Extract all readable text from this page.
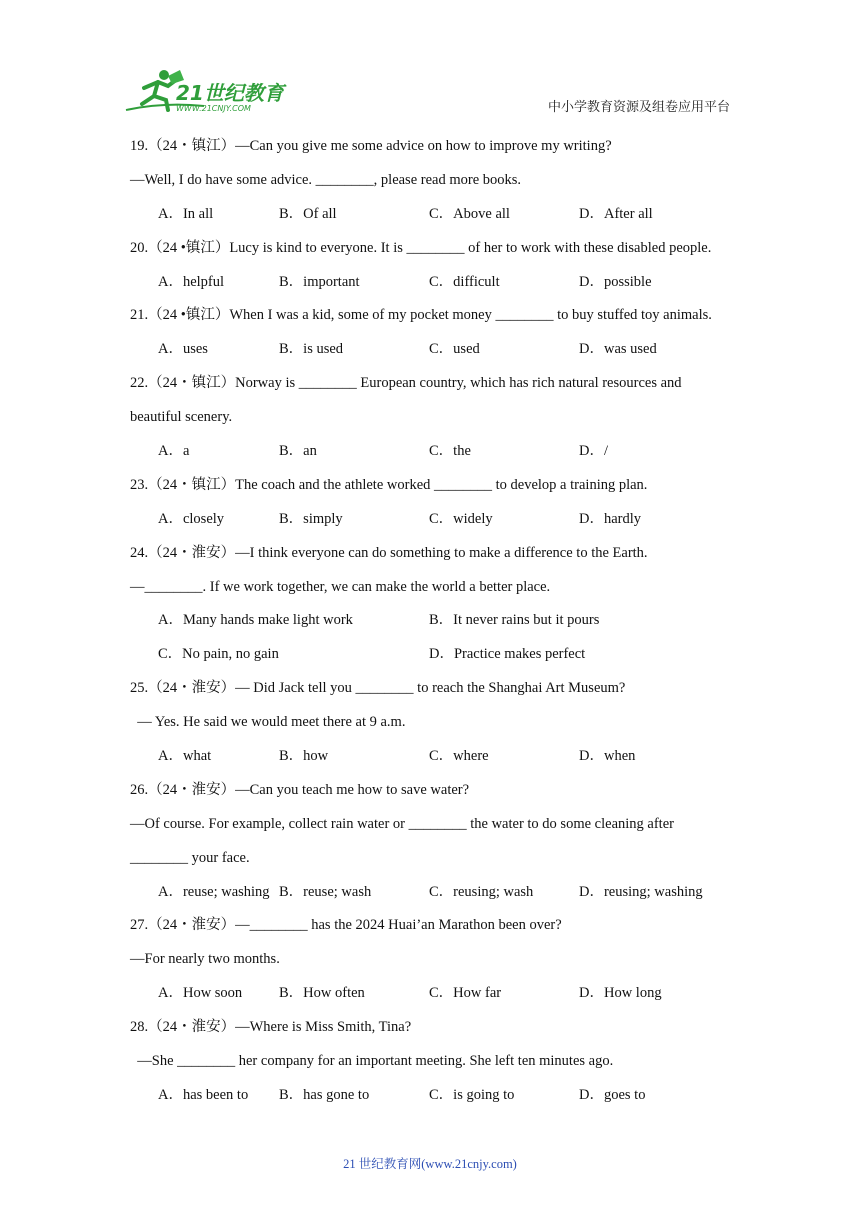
21世纪教育
WWW.21CNJY.COM	中小学教育资源及组卷应用平台
19.（24・镇江）—Can you give me some advice on how to improve my writing?
—Well, I do have some advice. ________, please read more books.
A．In all	B．Of all	C．Above all	D．After all
20.（24 •镇江）Lucy is kind to everyone. It is ________ of her to work with these disabled people.
A．helpful	B．important	C．difficult	D．possible
21.（24 •镇江）When I was a kid, some of my pocket money ________ to buy stuffed toy animals.
A．uses	B．is used	C．used	D．was used
22.（24・镇江）Norway is ________ European country, which has rich natural resources and
beautiful scenery.
A．a	B．an	C．the	D．/
23.（24・镇江）The coach and the athlete worked ________ to develop a training plan.
A．closely	B．simply	C．widely	D．hardly
24.（24・淮安）—I think everyone can do something to make a difference to the Earth.
—________. If we work together, we can make the world a better place.
A．Many hands make light work	B．It never rains but it pours
C．No pain, no gain	D．Practice makes perfect
25.（24・淮安）— Did Jack tell you ________ to reach the Shanghai Art Museum?
— Yes. He said we would meet there at 9 a.m.
A．what	B．how	C．where	D．when
26.（24・淮安）—Can you teach me how to save water?
—Of course. For example, collect rain water or ________ the water to do some cleaning after
________ your face.
A．reuse; washing B．reuse; wash	C．reusing; wash	D．reusing; washing
27.（24・淮安）—________ has the 2024 Huai’an Marathon been over?
—For nearly two months.
A．How soon	B．How often	C．How far	D．How long
28.（24・淮安）—Where is Miss Smith, Tina?
—She ________ her company for an important meeting. She left ten minutes ago.
A．has been to B．has gone to	C．is going to	D．goes to
21 世纪教育网(www.21cnjy.com)
